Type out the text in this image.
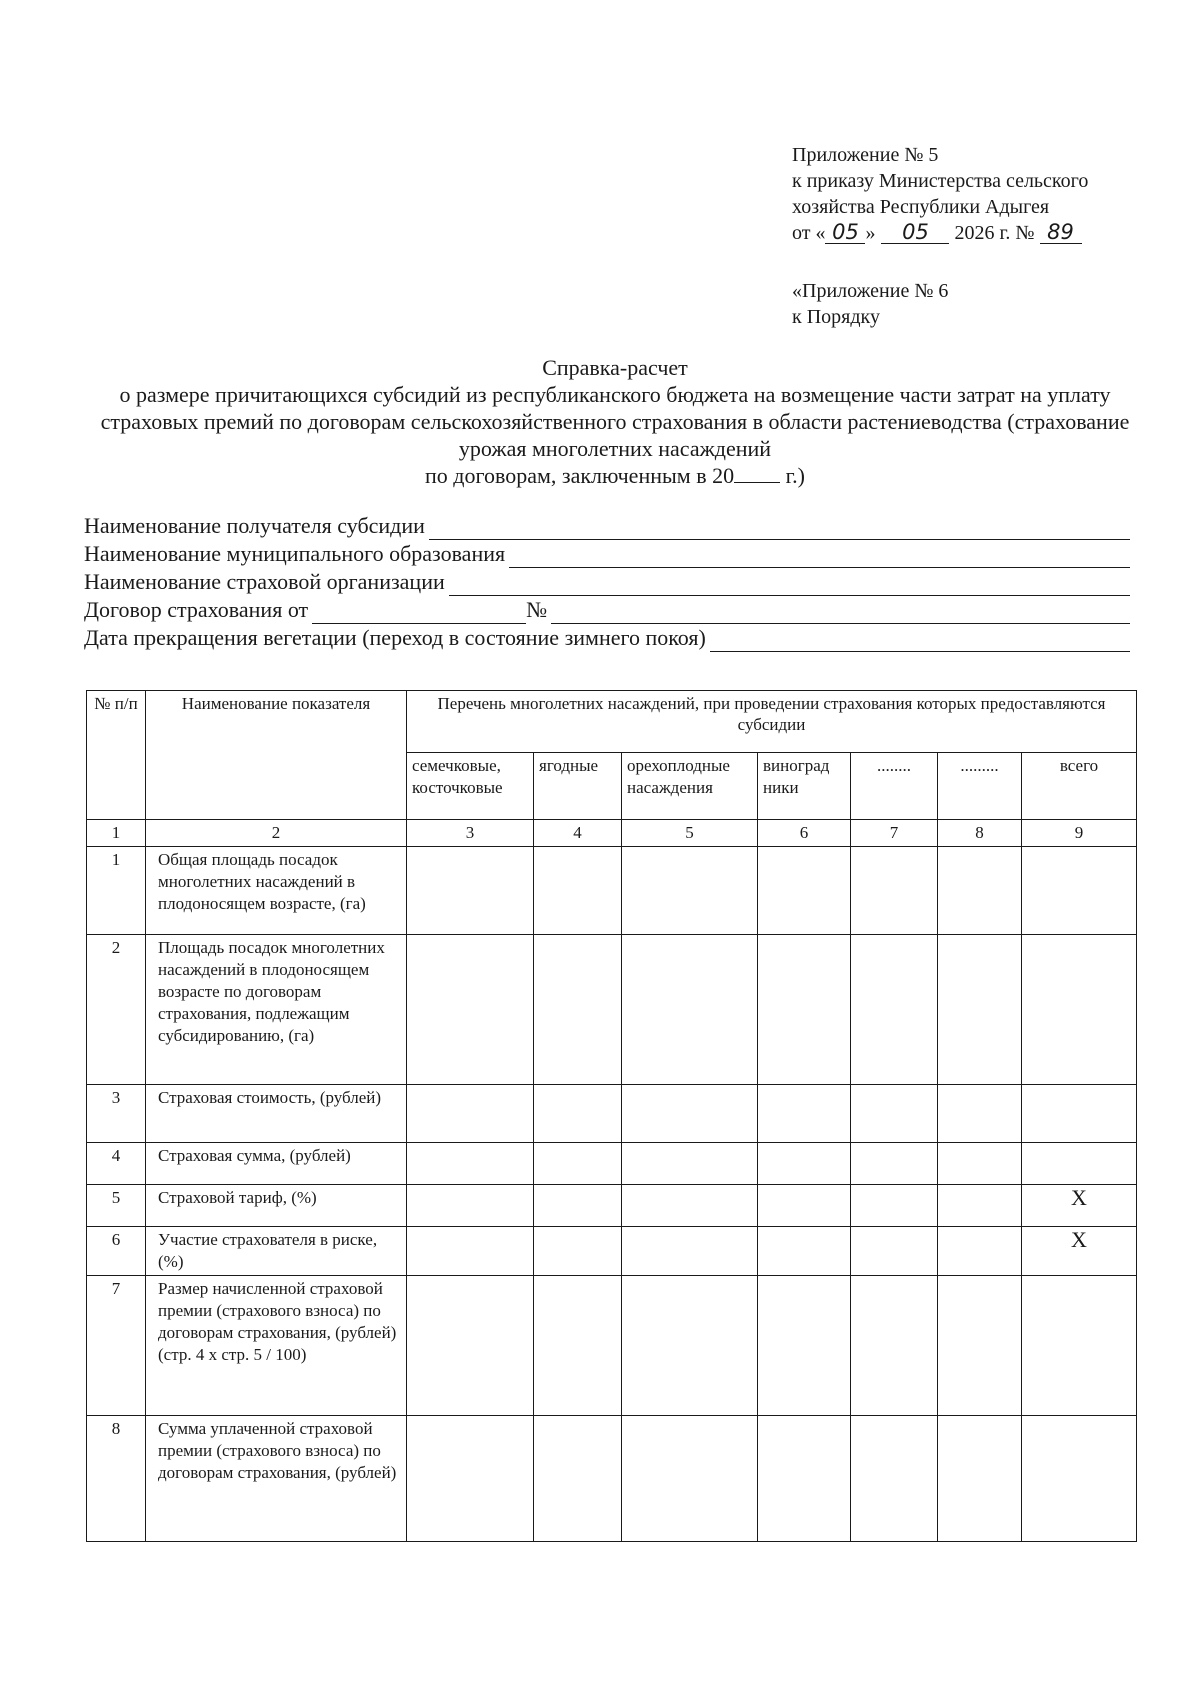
Приложение № 5
к приказу Министерства сельского
хозяйства Республики Адыгея
от « 05 » 05 2026 г. № 89
«Приложение № 6
к Порядку
Справка-расчет
о размере причитающихся субсидий из республиканского бюджета на возмещение части затрат на уплату страховых премий по договорам сельскохозяйственного страхования в области растениеводства (страхование урожая многолетних насаждений
по договорам, заключенным в 20 г.)
Наименование получателя субсидии
Наименование муниципального образования
Наименование страховой организации
Договор страхования от	№
Дата прекращения вегетации (переход в состояние зимнего покоя)
№ п/п	Наименование показателя	Перечень многолетних насаждений, при проведении страхования которых предоставляются субсидии						
		семечковые, косточковые	ягодные	орехоплодные насаждения	виноград ники	........	.........	всего
1	2	3	4	5	6	7	8	9
1	Общая площадь посадок многолетних насаждений в плодоносящем возрасте, (га)							
2	Площадь посадок многолетних насаждений в плодоносящем возрасте по договорам страхования, подлежащим субсидированию, (га)							
3	Страховая стоимость, (рублей)							
4	Страховая сумма, (рублей)							
5	Страховой тариф, (%)							X
6	Участие страхователя в риске, (%)							X
7	Размер начисленной страховой премии (страхового взноса) по договорам страхования, (рублей) (стр. 4 х стр. 5 / 100)							
8	Сумма уплаченной страховой премии (страхового взноса) по договорам страхования, (рублей)							
